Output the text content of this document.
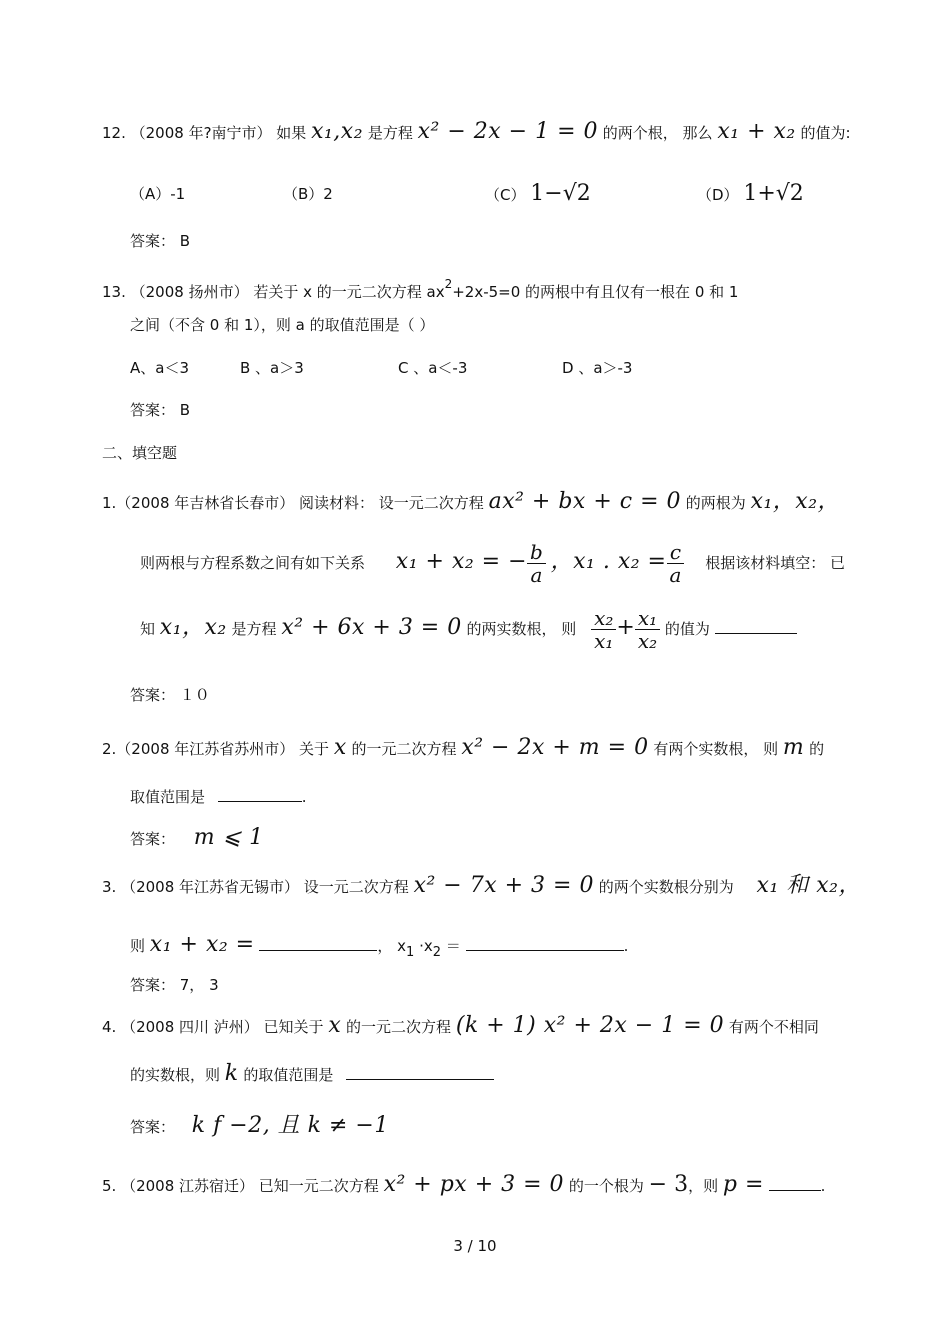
12. （2008 年?南宁市） 如果 x₁,x₂ 是方程 x² − 2x − 1 = 0 的两个根， 那么 x₁ + x₂ 的值为:
（A）-1	（B）2	（C） 1−√2	（D） 1+√2
答案： B
13. （2008 扬州市） 若关于 x 的一元二次方程 $ax^2+2x-5=0$ 的两根中有且仅有一根在 0 和 1
之间（不含 0 和 1），则 a 的取值范围是（ ）
A、a＜3	B 、a＞3	C 、a＜-3	D 、a＞-3
答案： B
二、填空题
1.（2008 年吉林省长春市） 阅读材料： 设一元二次方程 ax² + bx + c = 0 的两根为 x₁，x₂，
则两根与方程系数之间有如下关系 x₁ + x₂ = − $\frac{b}{a}$ ，x₁ . $x_2 = \frac{c}{a}$ 根据该材料填空： 已
知 x₁，x₂ 是方程 x² + 6x + 3 = 0 的两实数根， 则 $\frac{\text{x₂}}{\text{x₁}} + \frac{\text{x₁}}{\text{x₂}}$ 的值为
答案： １０
2.（2008 年江苏省苏州市） 关于 x 的一元二次方程 x² − 2x + m = 0 有两个实数根， 则 m 的
取值范围是	.
答案： m ⩽ 1
3. （2008 年江苏省无锡市） 设一元二次方程 x² − 7x + 3 = 0 的两个实数根分别为 x₁ 和 x₂，
则 x₁ + x₂ =	， x1 ·x2 ＝	.
答案： 7， 3
4. （2008 四川 泸州） 已知关于 x 的一元二次方程 (k + 1) x² + 2x − 1 = 0 有两个不相同
的实数根，则 k 的取值范围是
答案： k f −2, 且 k ≠ −1
5. （2008 江苏宿迁） 已知一元二次方程 x² + px + 3 = 0 的一个根为 − 3，则 p =	.
3 / 10
